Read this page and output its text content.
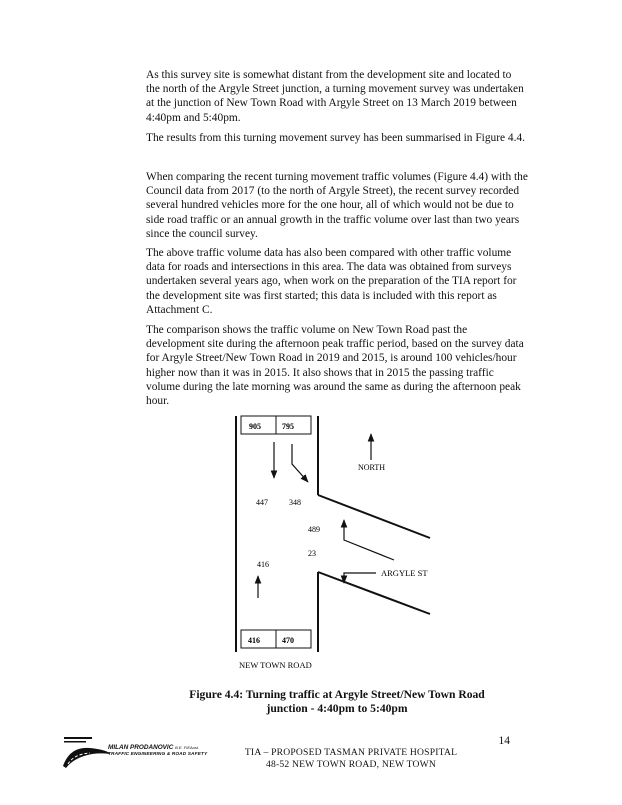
As this survey site is somewhat distant from the development site and located to the north of the Argyle Street junction, a turning movement survey was undertaken at the junction of New Town Road with Argyle Street on 13 March 2019 between 4:40pm and 5:40pm.

The results from this turning movement survey has been summarised in Figure 4.4.

When comparing the recent turning movement traffic volumes (Figure 4.4) with the Council data from 2017 (to the north of Argyle Street), the recent survey recorded several hundred vehicles more for the one hour, all of which would not be due to side road traffic or an annual growth in the traffic volume over last than two years since the council survey.

The above traffic volume data has also been compared with other traffic volume data for roads and intersections in this area. The data was obtained from surveys undertaken several years ago, when work on the preparation of the TIA report for the development site was first started; this data is included with this report as Attachment C.

The comparison shows the traffic volume on New Town Road past the development site during the afternoon peak traffic period, based on the survey data for Argyle Street/New Town Road in 2019 and 2015, is around 100 vehicles/hour higher now than it was in 2015. It also shows that in 2015 the passing traffic volume during the late morning was around the same as during the afternoon peak hour.

905	795
416	470
447	348
489
23
416
NORTH
ARGYLE ST
NEW TOWN ROAD
Figure 4.4: Turning traffic at Argyle Street/New Town Road
junction - 4:40pm to 5:40pm
14
MILAN PRODANOVIC B.E. FIEAust
TRAFFIC ENGINEERING & ROAD SAFETY	TIA – PROPOSED TASMAN PRIVATE HOSPITAL
48-52 NEW TOWN ROAD, NEW TOWN
